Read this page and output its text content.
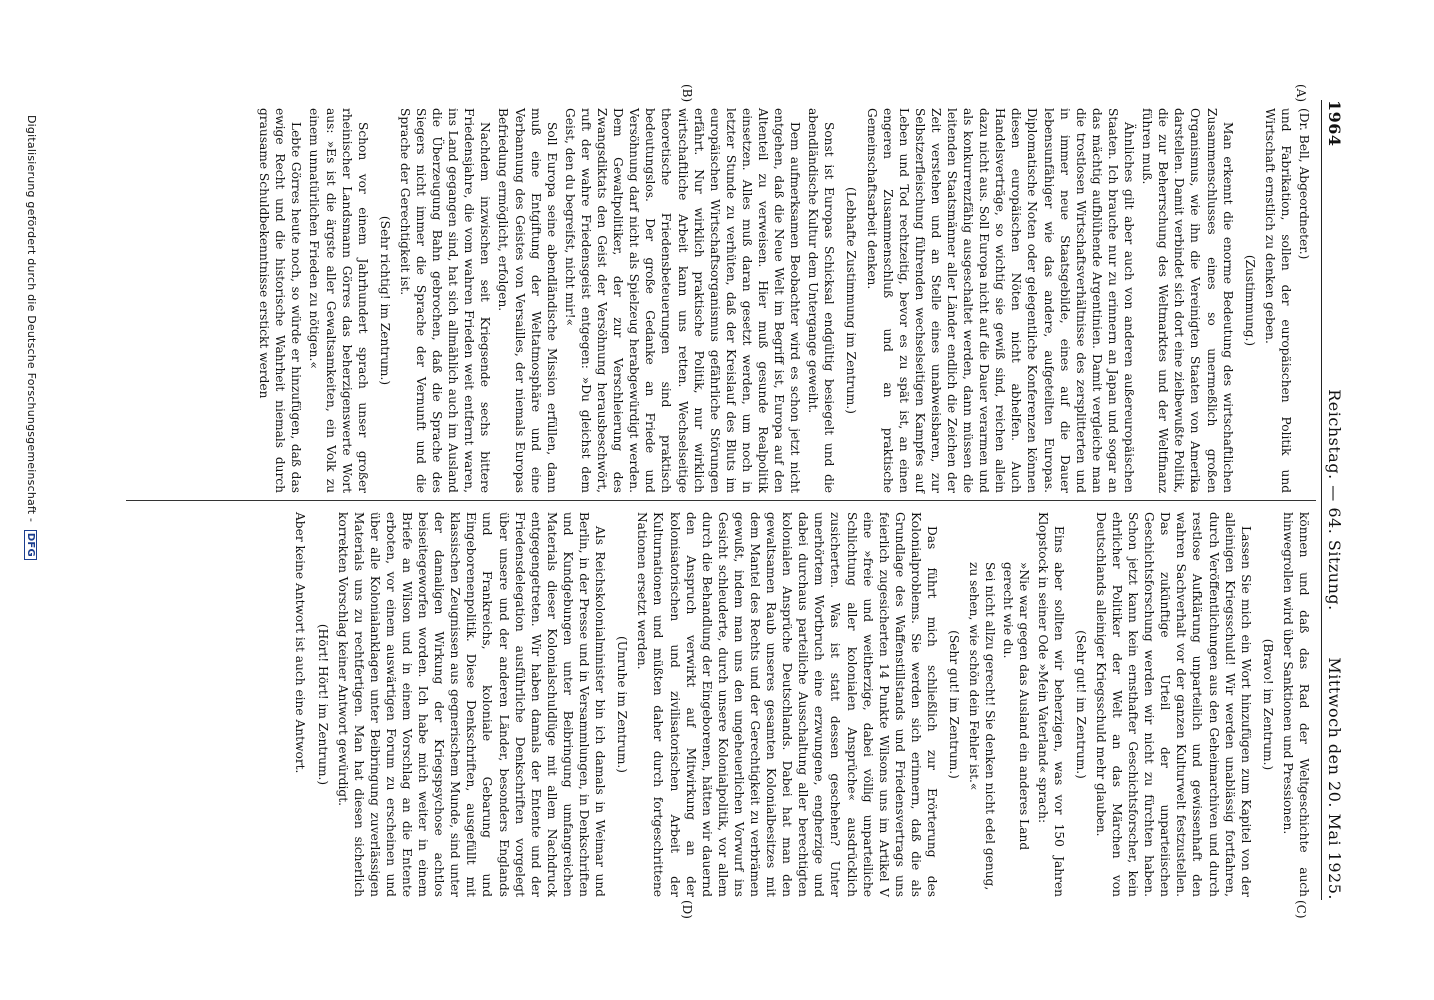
1964
Reichstag. — 64. Sitzung.
Mittwoch den 20. Mai 1925.
(A)
(B)
(C)
(D)

(Dr. Bell, Abgeordneter.)

und Fabrikation, sollen der europäischen Politik und Wirtschaft ernstlich zu denken geben.

(Zustimmung.)

Man erkennt die enorme Bedeutung des wirtschaftlichen Zusammenschlusses eines so unermeßlich großen Organismus, wie ihn die Vereinigten Staaten von Amerika darstellen. Damit verbindet sich dort eine zielbewußte Politik, die zur Beherrschung des Weltmarktes und der Weltfinanz führen muß.

Ähnliches gilt aber auch von anderen außereuropäischen Staaten. Ich brauche nur zu erinnern an Japan und sogar an das mächtig aufblühende Argentinien. Damit vergleiche man die trostlosen Wirtschaftsverhältnisse des zersplitterten und in immer neue Staatsgebilde, eines auf die Dauer lebensunfähiger wie das andere, aufgeteilten Europas. Diplomatische Noten oder gelegentliche Konferenzen können diesen europäischen Nöten nicht abhelfen. Auch Handelsverträge, so wichtig sie gewiß sind, reichen allein dazu nicht aus. Soll Europa nicht auf die Dauer verarmen und als konkurrenzfähig ausgeschaltet werden, dann müssen die leitenden Staatsmänner aller Länder endlich die Zeichen der Zeit verstehen und an Stelle eines unabweisbaren, zur Selbstzerfleischung führenden wechselseitigen Kampfes auf Leben und Tod rechtzeitig, bevor es zu spät ist, an einen engeren Zusammenschluß und an praktische Gemeinschaftsarbeit denken.

(Lebhafte Zustimmung im Zentrum.)

Sonst ist Europas Schicksal endgültig besiegelt und die abendländische Kultur dem Untergange geweiht.

Dem aufmerksamen Beobachter wird es schon jetzt nicht entgehen, daß die Neue Welt im Begriff ist, Europa auf den Altenteil zu verweisen. Hier muß gesunde Realpolitik einsetzen. Alles muß daran gesetzt werden, um noch in letzter Stunde zu verhüten, daß der Kreislauf des Bluts im europäischen Wirtschaftsorganismus gefährliche Störungen erfährt. Nur wirklich praktische Politik, nur wirklich wirtschaftliche Arbeit kann uns retten. Wechselseitige theoretische Friedensbeteuerungen sind praktisch bedeutungslos. Der große Gedanke an Friede und Versöhnung darf nicht als Spielzeug herabgewürdigt werden. Dem Gewaltpolitiker, der zur Verschleierung des Zwangsdiktats den Geist der Versöhnung herausbeschwört, ruft der wahre Friedensgeist entgegen: »Du gleichst dem Geist, den du begreifst, nicht mir!«

Soll Europa seine abendländische Mission erfüllen, dann muß eine Entgiftung der Weltatmosphäre und eine Verbannung des Geistes von Versailles, der niemals Europas Befriedung ermöglicht, erfolgen.

Nachdem inzwischen seit Kriegsende sechs bittere Friedensjahre, die vom wahren Frieden weit entfernt waren, ins Land gegangen sind, hat sich allmählich auch im Ausland die Überzeugung Bahn gebrochen, daß die Sprache des Siegers nicht immer die Sprache der Vernunft und die Sprache der Gerechtigkeit ist.

(Sehr richtig! im Zentrum.)

Schon vor einem Jahrhundert sprach unser großer rheinischer Landsmann Görres das beherzigenswerte Wort aus: »Es ist die ärgste aller Gewaltsamkeiten, ein Volk zu einem unnatürlichen Frieden zu nötigen.«

Lebte Görres heute noch, so würde er hinzufügen, daß das ewige Recht und die historische Wahrheit niemals durch grausame Schuldbekenntnisse erstickt werden

können und daß das Rad der Weltgeschichte auch hinwegrollen wird über Sanktionen und Pressionen.

(Bravo! im Zentrum.)

Lassen Sie mich ein Wort hinzufügen zum Kapitel von der alleinigen Kriegsschuld! Wir werden unablässig fortfahren, durch Veröffentlichungen aus den Geheimarchiven und durch restlose Aufklärung unparteilich und gewissenhaft den wahren Sachverhalt vor der ganzen Kulturwelt festzustellen. Das zukünftige Urteil der unparteiischen Geschichtsforschung werden wir nicht zu fürchten haben. Schon jetzt kann kein ernsthafter Geschichtsforscher, kein ehrlicher Politiker der Welt an das Märchen von Deutschlands alleiniger Kriegsschuld mehr glauben.

(Sehr gut! im Zentrum.)

Eins aber sollten wir beherzigen, was vor 150 Jahren Klopstock in seiner Ode »Mein Vaterland« sprach:

»Nie war gegen das Ausland ein anderes Land gerecht wie du.

Sei nicht allzu gerecht! Sie denken nicht edel genug, zu sehen, wie schön dein Fehler ist.«

(Sehr gut! im Zentrum.)

Das führt mich schließlich zur Erörterung des Kolonialproblems. Sie werden sich erinnern, daß die als Grundlage des Waffenstillstands und Friedensvertrags uns feierlich zugesicherten 14 Punkte Wilsons uns im Artikel V eine »freie und weitherzige, dabei völlig unparteiliche Schlichtung aller kolonialen Ansprüche« ausdrücklich zusicherten. Was ist statt dessen geschehen? Unter unerhörtem Wortbruch eine erzwungene, engherzige und dabei durchaus parteiliche Ausschaltung aller berechtigten kolonialen Ansprüche Deutschlands. Dabei hat man den gewaltsamen Raub unseres gesamten Kolonialbesitzes mit dem Mantel des Rechts und der Gerechtigkeit zu verbrämen gewußt, indem man uns den ungeheuerlichen Vorwurf ins Gesicht schleuderte, durch unsere Kolonialpolitik, vor allem durch die Behandlung der Eingeborenen, hätten wir dauernd den Anspruch verwirkt auf Mitwirkung an der kolonisatorischen und zivilisatorischen Arbeit der Kulturnationen und müßten daher durch fortgeschrittene Nationen ersetzt werden.

(Unruhe im Zentrum.)

Als Reichskolonialminister bin ich damals in Weimar und Berlin, in der Presse und in Versammlungen, in Denkschriften und Kundgebungen unter Beibringung umfangreichen Materials dieser Kolonialschuldlüge mit allem Nachdruck entgegengetreten. Wir haben damals der Entente und der Friedensdelegation ausführliche Denkschriften vorgelegt über unsere und der anderen Länder, besonders Englands und Frankreichs, koloniale Gebarung und Eingeborenenpolitik. Diese Denkschriften, ausgefüllt mit klassischen Zeugnissen aus gegnerischem Munde, sind unter der damaligen Wirkung der Kriegspsychose achtlos beiseitegeworfen worden. Ich habe mich weiter in einem Briefe an Wilson und in einem Vorschlag an die Entente erboten, vor einem auswärtigen Forum zu erscheinen und über alle Kolonialanklagen unter Beibringung zuverlässigen Materials uns zu rechtfertigen. Man hat diesen sicherlich korrekten Vorschlag keiner Antwort gewürdigt.

(Hört! Hört! im Zentrum.)

Aber keine Antwort ist auch eine Antwort.

Digitalisierung gefördert durch die Deutsche Forschungsgemeinschaft - DFG
